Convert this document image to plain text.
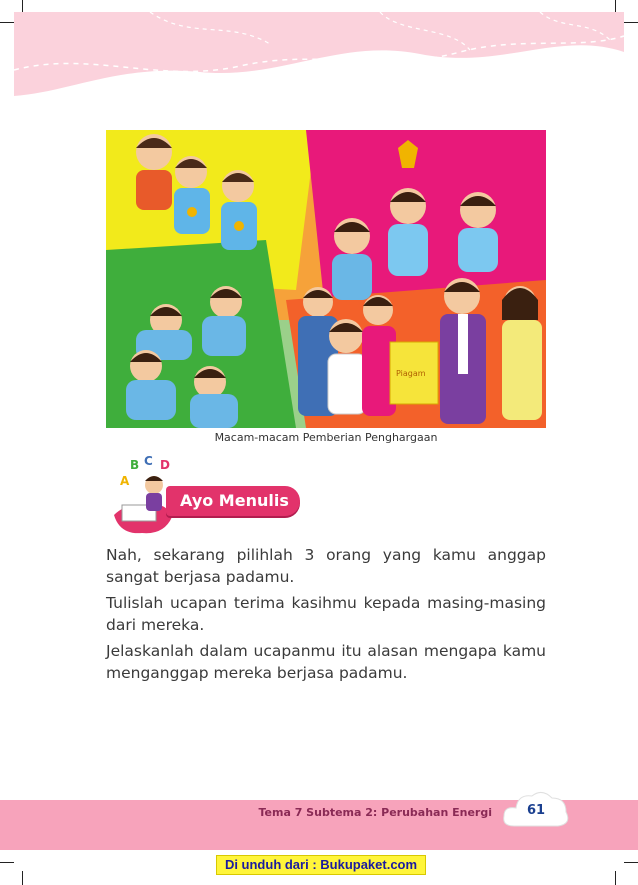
Piagam
Macam-macam Pemberian Penghargaan
A
B C D
Ayo Menulis

Nah, sekarang pilihlah 3 orang yang kamu anggap sangat berjasa padamu.

Tulislah ucapan terima kasihmu kepada masing-masing dari mereka.

Jelaskanlah dalam ucapanmu itu alasan mengapa kamu menganggap mereka berjasa padamu.

Tema 7 Subtema 2: Perubahan Energi	61
Di unduh dari : Bukupaket.com
